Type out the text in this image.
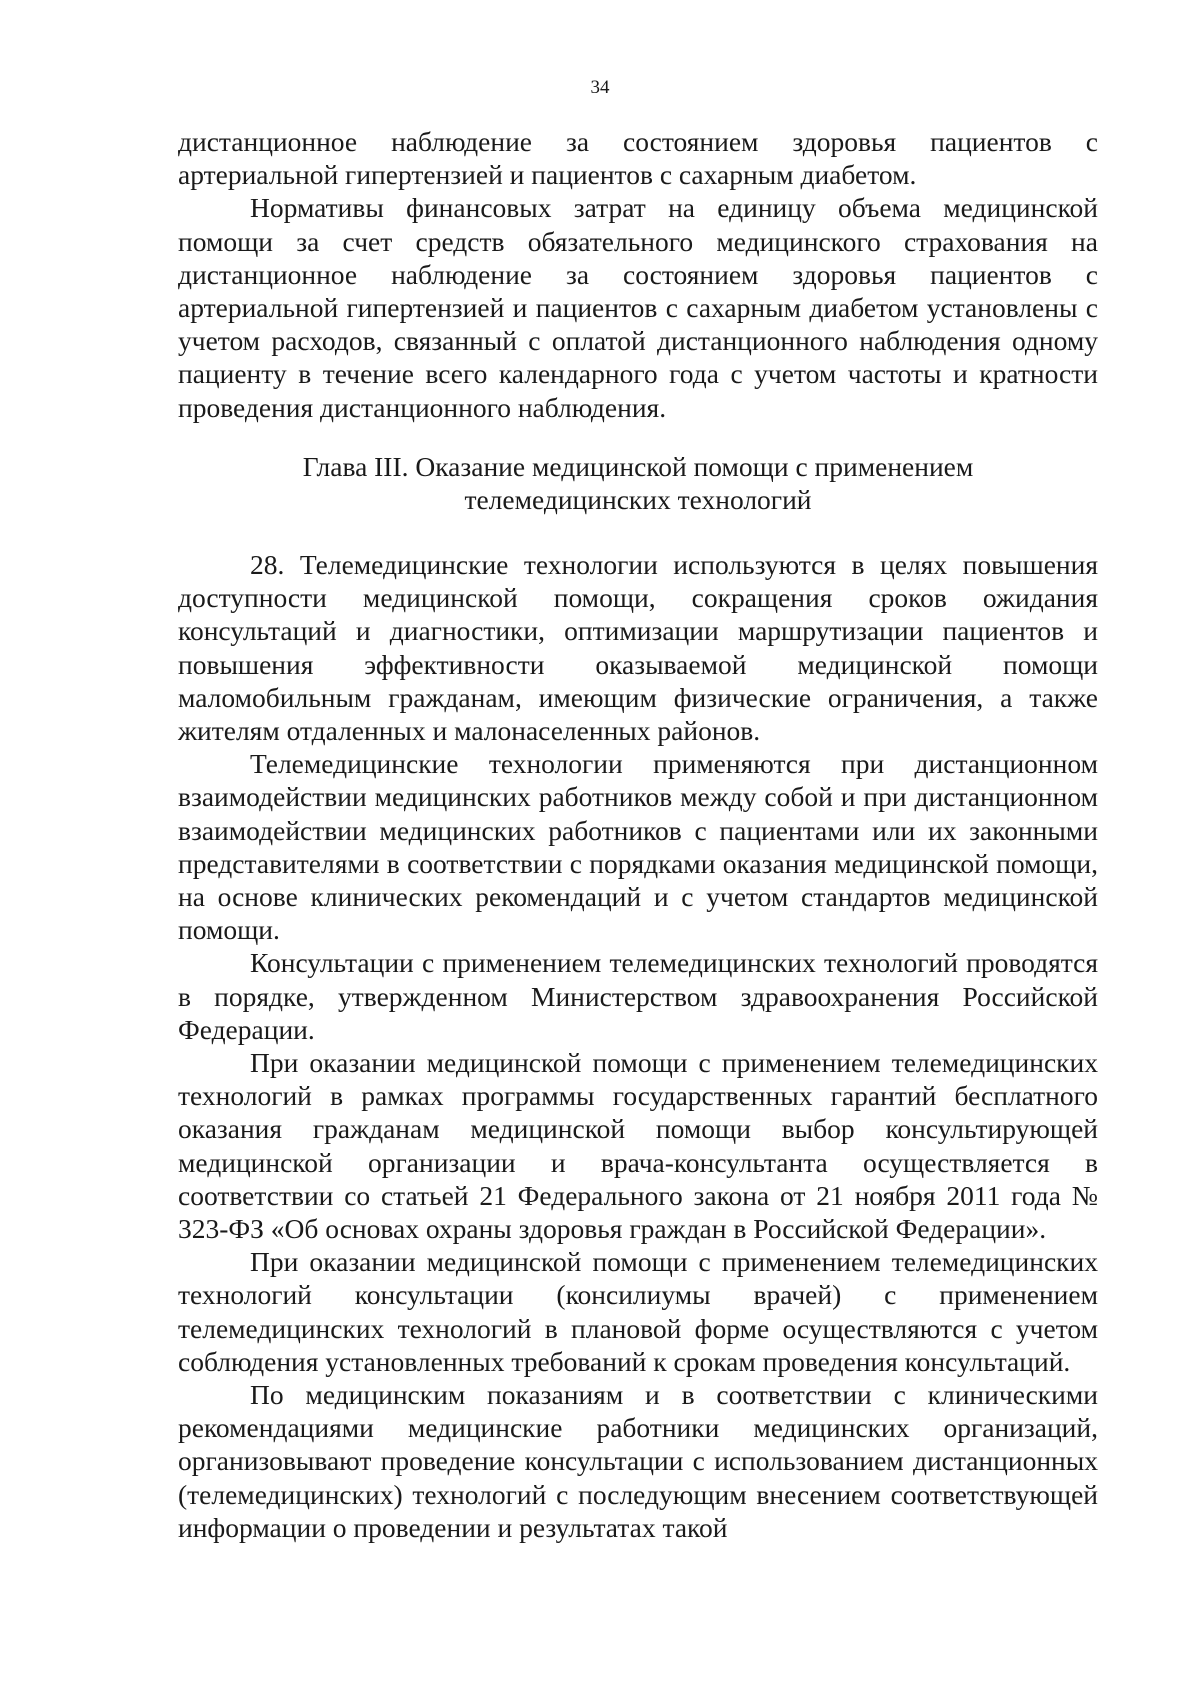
34

дистанционное наблюдение за состоянием здоровья пациентов с артериальной гипертензией и пациентов с сахарным диабетом.

Нормативы финансовых затрат на единицу объема медицинской помощи за счет средств обязательного медицинского страхования на дистанционное наблюдение за состоянием здоровья пациентов с артериальной гипертензией и пациентов с сахарным диабетом установлены с учетом расходов, связанный с оплатой дистанционного наблюдения одному пациенту в течение всего календарного года с учетом частоты и кратности проведения дистанционного наблюдения.

Глава III. Оказание медицинской помощи с применением
телемедицинских технологий

28. Телемедицинские технологии используются в целях повышения доступности медицинской помощи, сокращения сроков ожидания консультаций и диагностики, оптимизации маршрутизации пациентов и повышения эффективности оказываемой медицинской помощи маломобильным гражданам, имеющим физические ограничения, а также жителям отдаленных и малонаселенных районов.

Телемедицинские технологии применяются при дистанционном взаимодействии медицинских работников между собой и при дистанционном взаимодействии медицинских работников с пациентами или их законными представителями в соответствии с порядками оказания медицинской помощи, на основе клинических рекомендаций и с учетом стандартов медицинской помощи.

Консультации с применением телемедицинских технологий проводятся в порядке, утвержденном Министерством здравоохранения Российской Федерации.

При оказании медицинской помощи с применением телемедицинских технологий в рамках программы государственных гарантий бесплатного оказания гражданам медицинской помощи выбор консультирующей медицинской организации и врача-консультанта осуществляется в соответствии со статьей 21 Федерального закона от 21 ноября 2011 года № 323-ФЗ «Об основах охраны здоровья граждан в Российской Федерации».

При оказании медицинской помощи с применением телемедицинских технологий консультации (консилиумы врачей) с применением телемедицинских технологий в плановой форме осуществляются с учетом соблюдения установленных требований к срокам проведения консультаций.

По медицинским показаниям и в соответствии с клиническими рекомендациями медицинские работники медицинских организаций, организовывают проведение консультации с использованием дистанционных (телемедицинских) технологий с последующим внесением соответствующей информации о проведении и результатах такой
